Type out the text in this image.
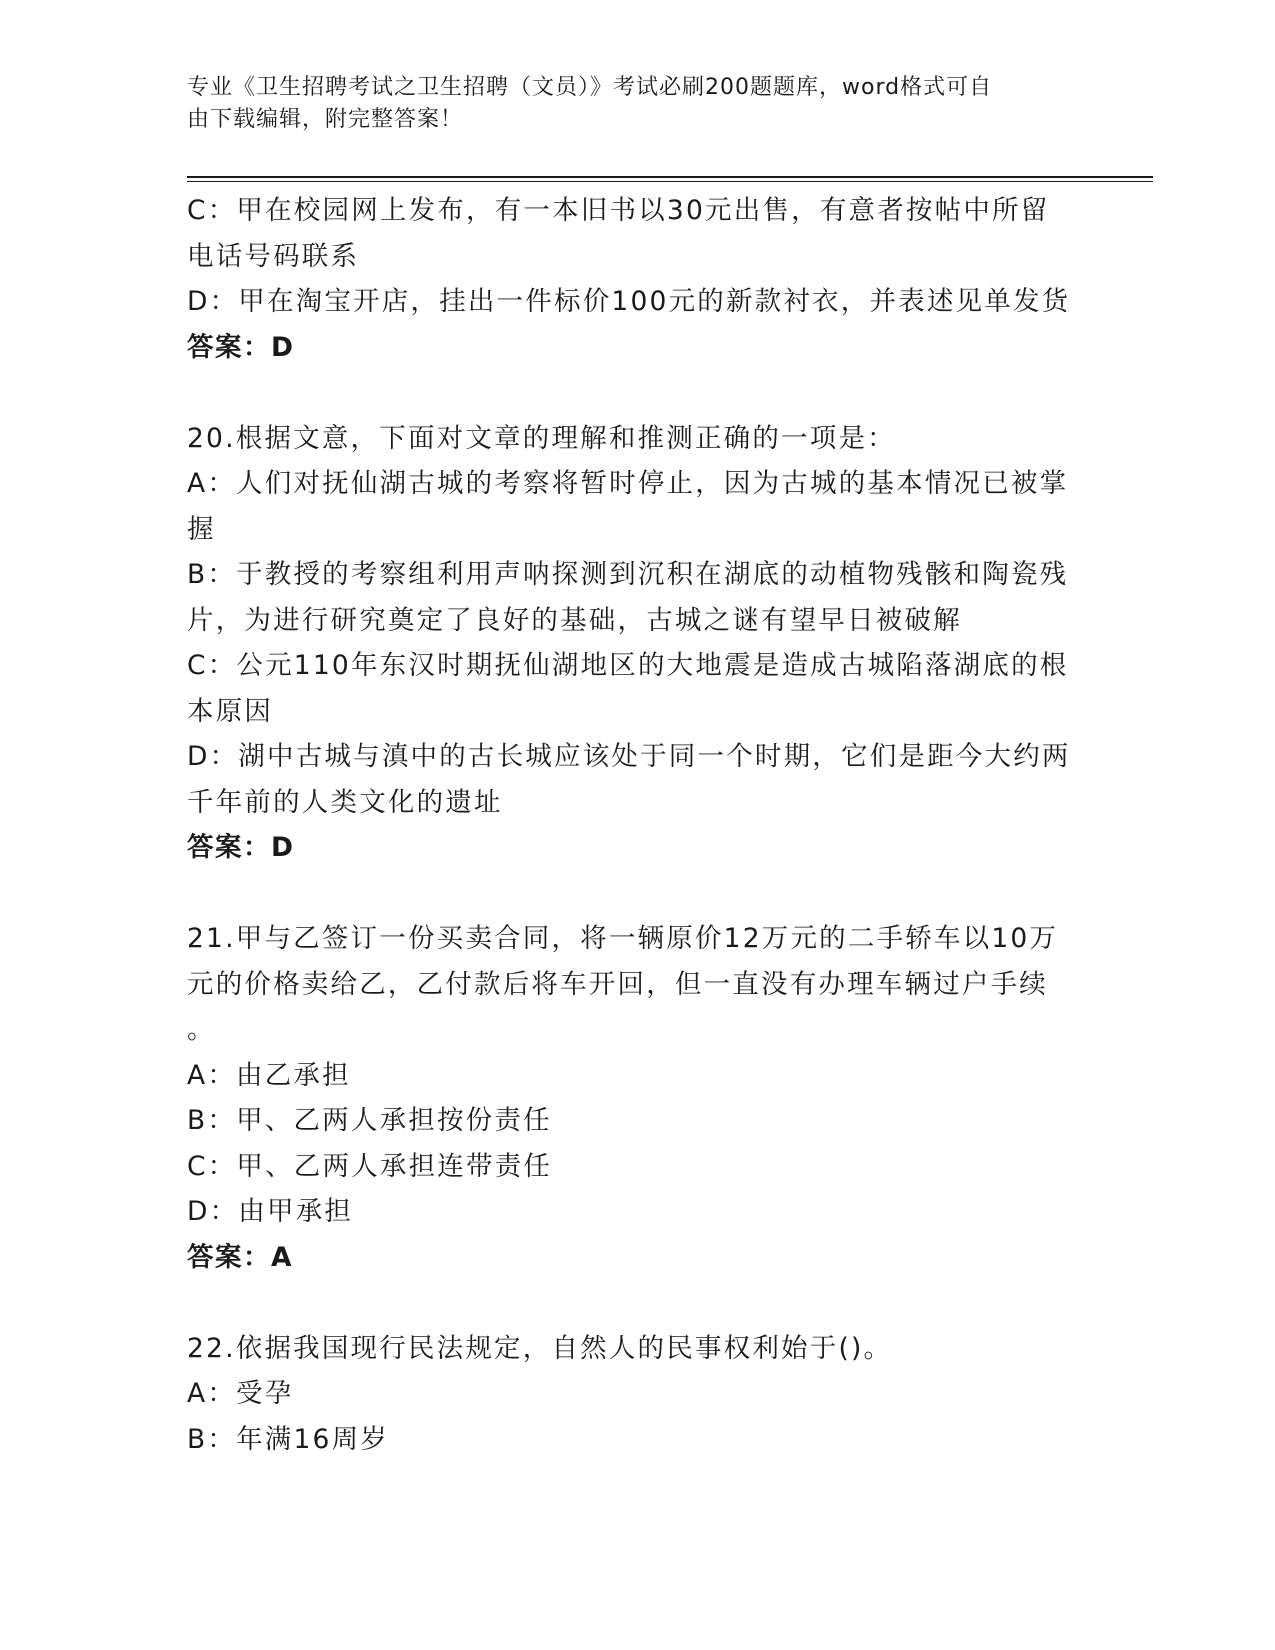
专业《卫生招聘考试之卫生招聘（文员）》考试必刷200题题库，word格式可自
由下载编辑，附完整答案！
C：甲在校园网上发布，有一本旧书以30元出售，有意者按帖中所留
电话号码联系
D：甲在淘宝开店，挂出一件标价100元的新款衬衣，并表述见单发货
答案：D
20.根据文意，下面对文章的理解和推测正确的一项是：
A：人们对抚仙湖古城的考察将暂时停止，因为古城的基本情况已被掌
握
B：于教授的考察组利用声呐探测到沉积在湖底的动植物残骸和陶瓷残
片，为进行研究奠定了良好的基础，古城之谜有望早日被破解
C：公元110年东汉时期抚仙湖地区的大地震是造成古城陷落湖底的根
本原因
D：湖中古城与滇中的古长城应该处于同一个时期，它们是距今大约两
千年前的人类文化的遗址
答案：D
21.甲与乙签订一份买卖合同，将一辆原价12万元的二手轿车以10万
元的价格卖给乙，乙付款后将车开回，但一直没有办理车辆过户手续
。
A：由乙承担
B：甲、乙两人承担按份责任
C：甲、乙两人承担连带责任
D：由甲承担
答案：A
22.依据我国现行民法规定，自然人的民事权利始于()。
A：受孕
B：年满16周岁
